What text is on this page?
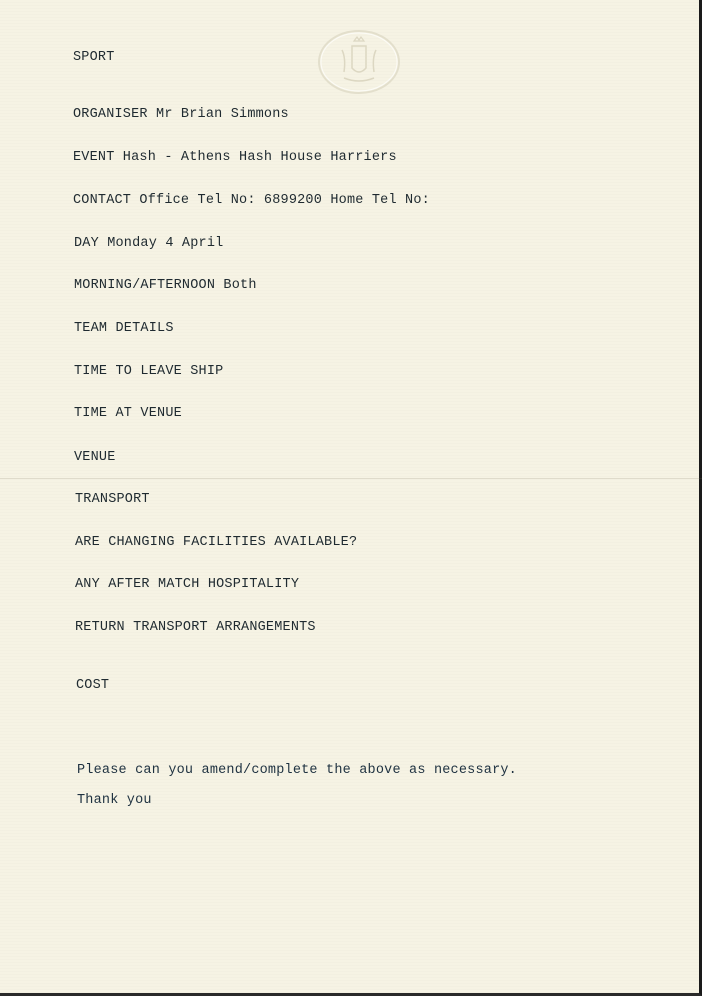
SPORT
ORGANISER Mr Brian Simmons
EVENT Hash - Athens Hash House Harriers
CONTACT Office Tel No: 6899200 Home Tel No:
DAY Monday 4 April
MORNING/AFTERNOON Both
TEAM DETAILS
TIME TO LEAVE SHIP
TIME AT VENUE
VENUE
TRANSPORT
ARE CHANGING FACILITIES AVAILABLE?
ANY AFTER MATCH HOSPITALITY
RETURN TRANSPORT ARRANGEMENTS
COST
Please can you amend/complete the above as necessary.
Thank you
